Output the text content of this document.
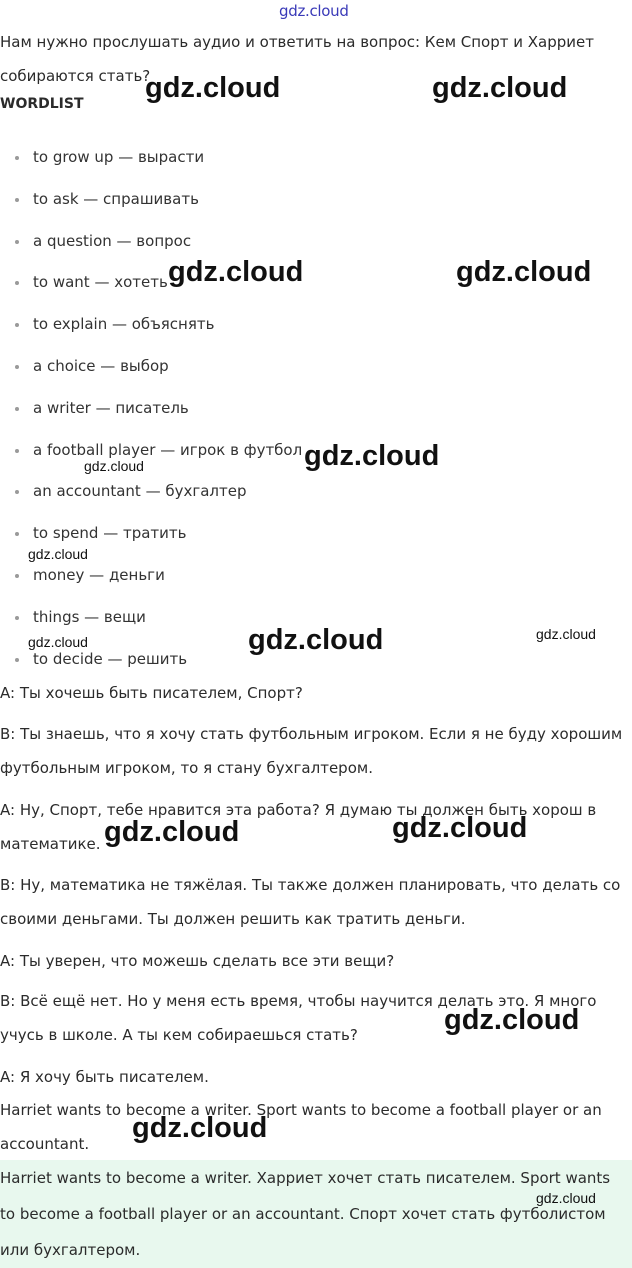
gdz.cloud

Нам нужно прослушать аудио и ответить на вопрос: Кем Спорт и Харриет собираются стать?

WORDLIST
to grow up — вырасти
to ask — спрашивать
a question — вопрос
to want — хотеть
to explain — объяснять
a choice — выбор
a writer — писатель
a football player — игрок в футбол
an accountant — бухгалтер
to spend — тратить
money — деньги
things — вещи
to decide — решить

A: Ты хочешь быть писателем, Спорт?

B: Ты знаешь, что я хочу стать футбольным игроком. Если я не буду хорошим футбольным игроком, то я стану бухгалтером.

A: Ну, Спорт, тебе нравится эта работа? Я думаю ты должен быть хорош в математике.

B: Ну, математика не тяжёлая. Ты также должен планировать, что делать со своими деньгами. Ты должен решить как тратить деньги.

A: Ты уверен, что можешь сделать все эти вещи?

B: Всё ещё нет. Но у меня есть время, чтобы научится делать это. Я много учусь в школе. А ты кем собираешься стать?

A: Я хочу быть писателем.

Harriet wants to become a writer. Sport wants to become a football player or an accountant.

Harriet wants to become a writer. Харриет хочет стать писателем. Sport wants to become a football player or an accountant. Спорт хочет стать футболистом или бухгалтером.

gdz.cloud	gdz.cloud
gdz.cloud	gdz.cloud
gdz.cloud
gdz.cloud
gdz.cloud
gdz.cloud
gdz.cloud	gdz.cloud
gdz.cloud	gdz.cloud
gdz.cloud
gdz.cloud
gdz.cloud
